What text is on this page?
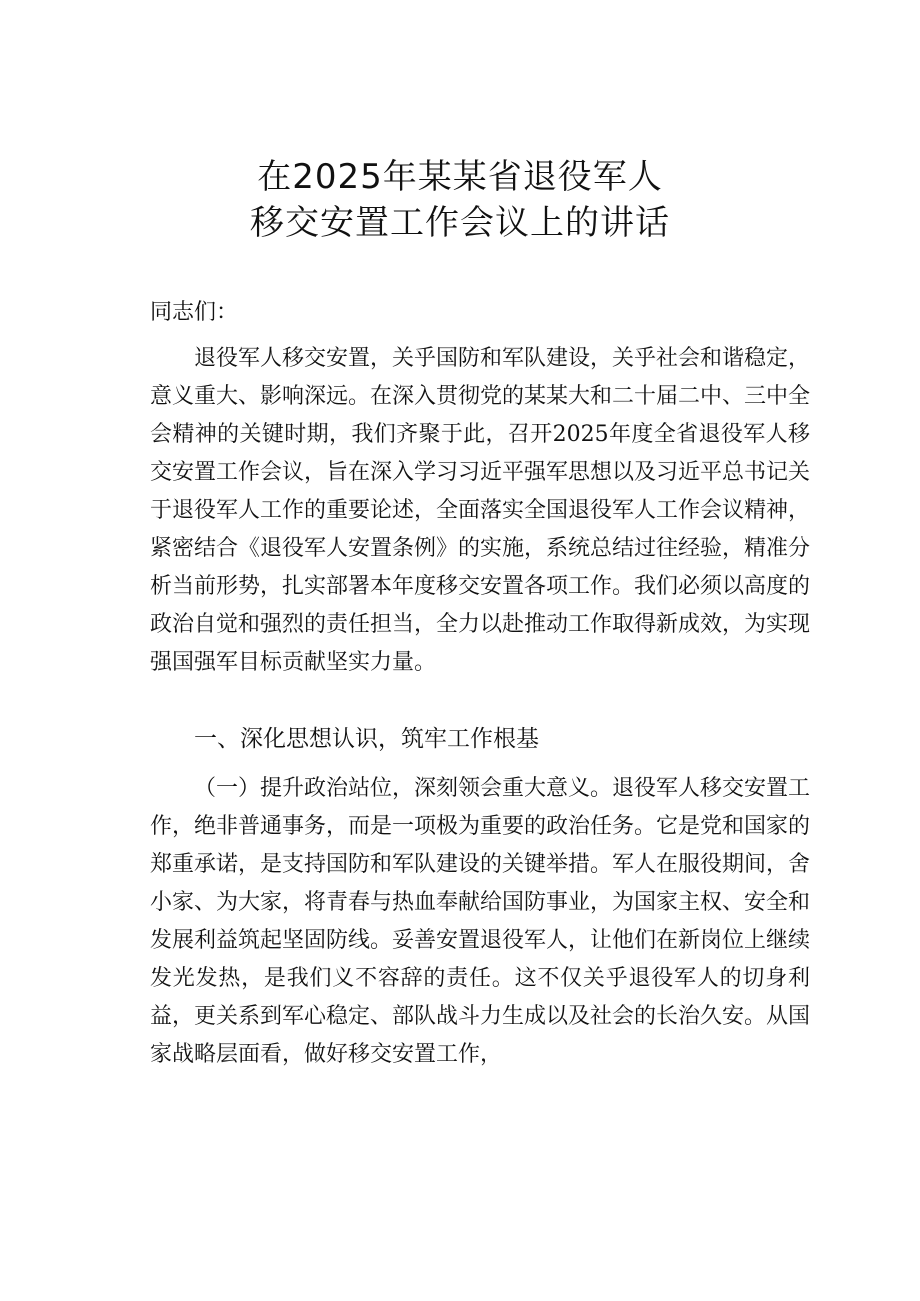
在2025年某某省退役军人
移交安置工作会议上的讲话
同志们：
退役军人移交安置，关乎国防和军队建设，关乎社会和谐稳定，意义重大、影响深远。在深入贯彻党的某某大和二十届二中、三中全会精神的关键时期，我们齐聚于此，召开2025年度全省退役军人移交安置工作会议，旨在深入学习习近平强军思想以及习近平总书记关于退役军人工作的重要论述，全面落实全国退役军人工作会议精神，紧密结合《退役军人安置条例》的实施，系统总结过往经验，精准分析当前形势，扎实部署本年度移交安置各项工作。我们必须以高度的政治自觉和强烈的责任担当，全力以赴推动工作取得新成效，为实现强国强军目标贡献坚实力量。
一、深化思想认识，筑牢工作根基
（一）提升政治站位，深刻领会重大意义。退役军人移交安置工作，绝非普通事务，而是一项极为重要的政治任务。它是党和国家的郑重承诺，是支持国防和军队建设的关键举措。军人在服役期间，舍小家、为大家，将青春与热血奉献给国防事业，为国家主权、安全和发展利益筑起坚固防线。妥善安置退役军人，让他们在新岗位上继续发光发热，是我们义不容辞的责任。这不仅关乎退役军人的切身利益，更关系到军心稳定、部队战斗力生成以及社会的长治久安。从国家战略层面看，做好移交安置工作，
